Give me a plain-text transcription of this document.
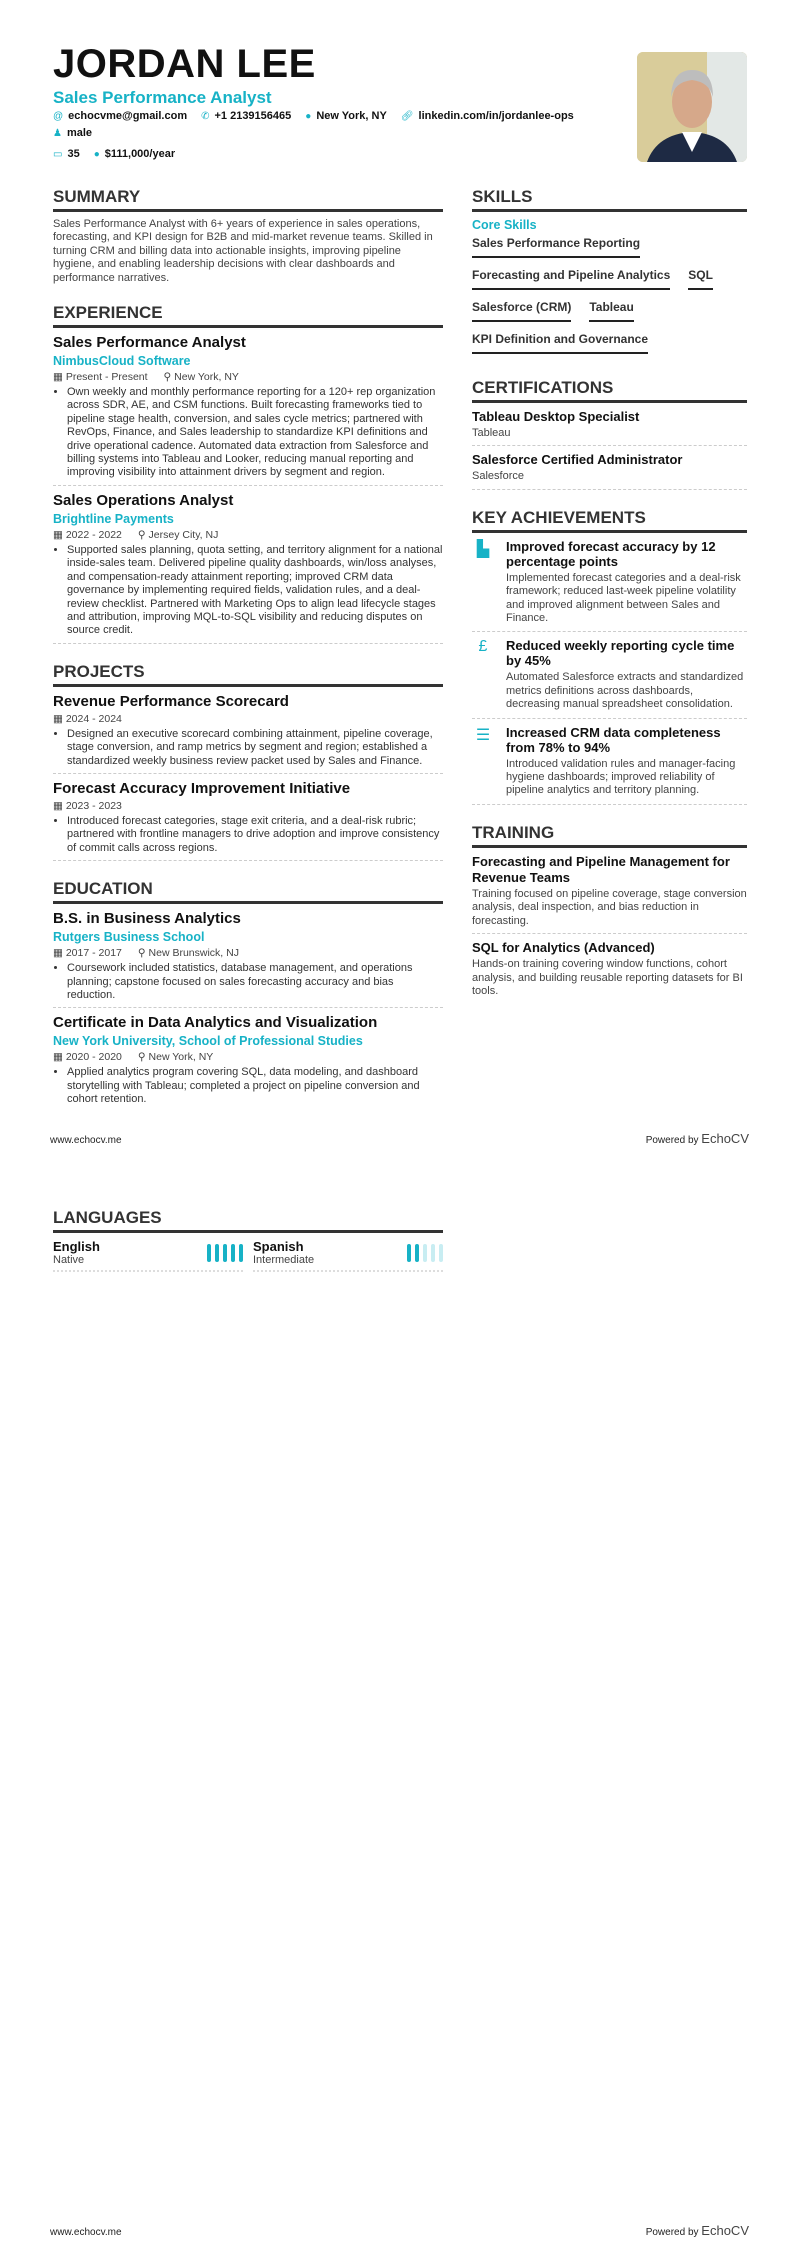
JORDAN LEE
Sales Performance Analyst
@ echocvme@gmail.com ✆ +1 2139156465 ● New York, NY 🔗︎ linkedin.com/in/jordanlee-ops
♟ male
▭ 35 ● $111,000/year
SUMMARY
Sales Performance Analyst with 6+ years of experience in sales operations, forecasting, and KPI design for B2B and mid-market revenue teams. Skilled in turning CRM and billing data into actionable insights, improving pipeline hygiene, and enabling leadership decisions with clear dashboards and performance narratives.
EXPERIENCE
Sales Performance Analyst
NimbusCloud Software
▦ Present - Present ⚲ New York, NY
• Own weekly and monthly performance reporting for a 120+ rep organization across SDR, AE, and CSM functions. Built forecasting frameworks tied to pipeline stage health, conversion, and sales cycle metrics; partnered with RevOps, Finance, and Sales leadership to standardize KPI definitions and drive operational cadence. Automated data extraction from Salesforce and billing systems into Tableau and Looker, reducing manual reporting and improving visibility into attainment drivers by segment and region.
Sales Operations Analyst
Brightline Payments
▦ 2022 - 2022 ⚲ Jersey City, NJ
• Supported sales planning, quota setting, and territory alignment for a national inside-sales team. Delivered pipeline quality dashboards, win/loss analyses, and compensation-ready attainment reporting; improved CRM data governance by implementing required fields, validation rules, and a deal-review checklist. Partnered with Marketing Ops to align lead lifecycle stages and attribution, improving MQL-to-SQL visibility and reducing disputes on source credit.
PROJECTS
Revenue Performance Scorecard
▦ 2024 - 2024
• Designed an executive scorecard combining attainment, pipeline coverage, stage conversion, and ramp metrics by segment and region; established a standardized weekly business review packet used by Sales and Finance.
Forecast Accuracy Improvement Initiative
▦ 2023 - 2023
• Introduced forecast categories, stage exit criteria, and a deal-risk rubric; partnered with frontline managers to drive adoption and improve consistency of commit calls across regions.
EDUCATION
B.S. in Business Analytics
Rutgers Business School
▦ 2017 - 2017 ⚲ New Brunswick, NJ
• Coursework included statistics, database management, and operations planning; capstone focused on sales forecasting accuracy and bias reduction.
Certificate in Data Analytics and Visualization
New York University, School of Professional Studies
▦ 2020 - 2020 ⚲ New York, NY
• Applied analytics program covering SQL, data modeling, and dashboard storytelling with Tableau; completed a project on pipeline conversion and cohort retention.
SKILLS
Core Skills
Sales Performance Reporting
Forecasting and Pipeline Analytics SQL
Salesforce (CRM) Tableau
KPI Definition and Governance
CERTIFICATIONS
Tableau Desktop Specialist
Tableau
Salesforce Certified Administrator
Salesforce
KEY ACHIEVEMENTS
▙	Improved forecast accuracy by 12 percentage points
Implemented forecast categories and a deal-risk framework; reduced last-week pipeline volatility and improved alignment between Sales and Finance.
£	Reduced weekly reporting cycle time by 45%
Automated Salesforce extracts and standardized metrics definitions across dashboards, decreasing manual spreadsheet consolidation.
☰ Increased CRM data completeness from 78% to 94%
Introduced validation rules and manager-facing hygiene dashboards; improved reliability of pipeline analytics and territory planning.
TRAINING
Forecasting and Pipeline Management for Revenue Teams
Training focused on pipeline coverage, stage conversion analysis, deal inspection, and bias reduction in forecasting.
SQL for Analytics (Advanced)
Hands-on training covering window functions, cohort analysis, and building reusable reporting datasets for BI tools.
www.echocv.me	Powered by EchoCV
LANGUAGES
English
Native
Spanish
Intermediate
www.echocv.me	Powered by EchoCV
